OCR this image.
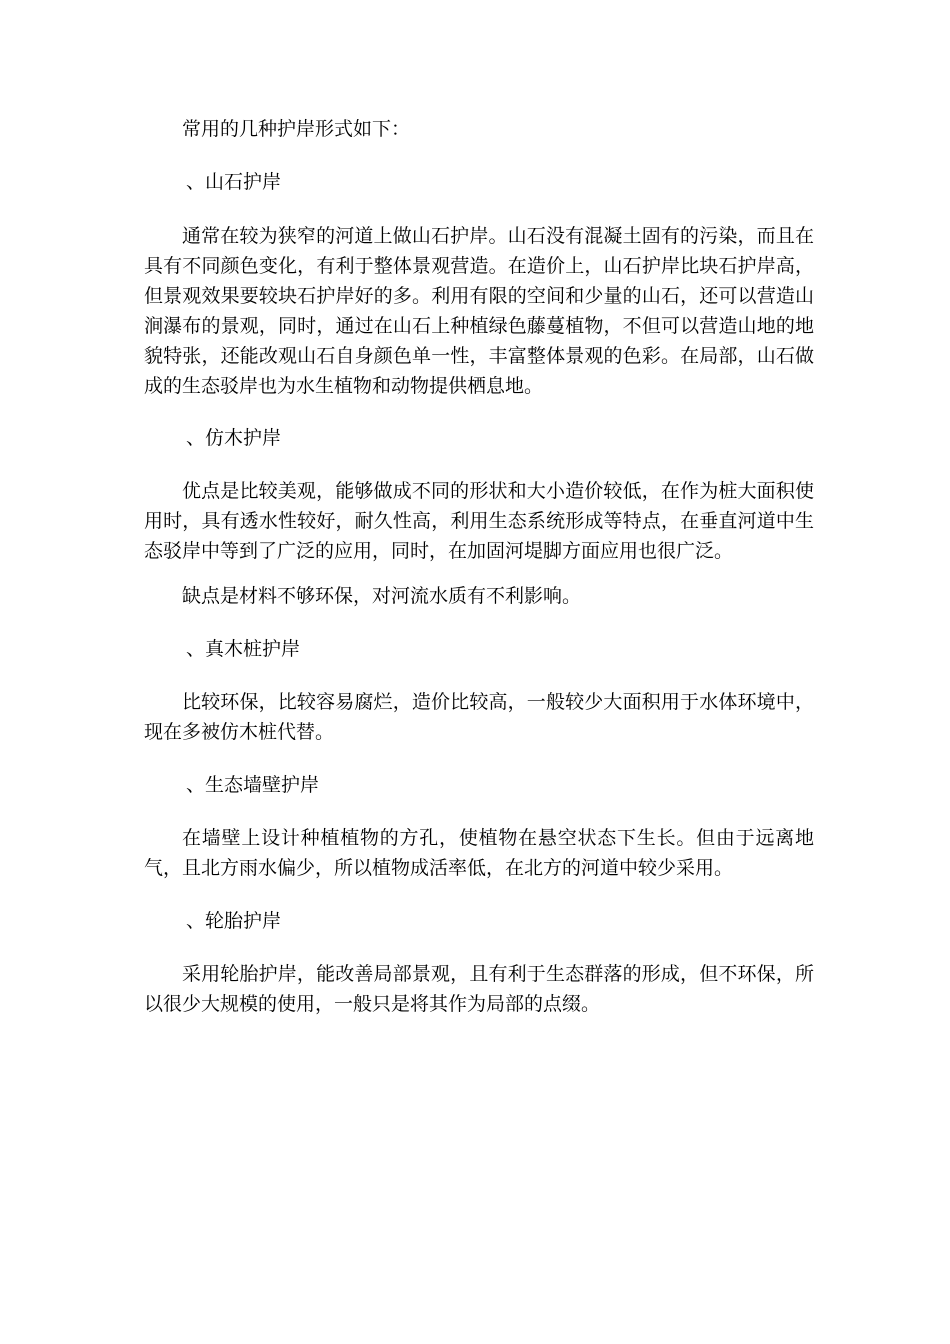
常用的几种护岸形式如下：

、山石护岸

通常在较为狭窄的河道上做山石护岸。山石没有混凝土固有的污染，而且在具有不同颜色变化，有利于整体景观营造。在造价上，山石护岸比块石护岸高，但景观效果要较块石护岸好的多。利用有限的空间和少量的山石，还可以营造山涧瀑布的景观，同时，通过在山石上种植绿色藤蔓植物，不但可以营造山地的地貌特张，还能改观山石自身颜色单一性，丰富整体景观的色彩。在局部，山石做成的生态驳岸也为水生植物和动物提供栖息地。

、仿木护岸

优点是比较美观，能够做成不同的形状和大小造价较低，在作为桩大面积使用时，具有透水性较好，耐久性高，利用生态系统形成等特点，在垂直河道中生态驳岸中等到了广泛的应用，同时，在加固河堤脚方面应用也很广泛。

缺点是材料不够环保，对河流水质有不利影响。

、真木桩护岸

比较环保，比较容易腐烂，造价比较高，一般较少大面积用于水体环境中，现在多被仿木桩代替。

、生态墙壁护岸

在墙壁上设计种植植物的方孔，使植物在悬空状态下生长。但由于远离地气，且北方雨水偏少，所以植物成活率低，在北方的河道中较少采用。

、轮胎护岸

采用轮胎护岸，能改善局部景观，且有利于生态群落的形成，但不环保，所以很少大规模的使用，一般只是将其作为局部的点缀。
